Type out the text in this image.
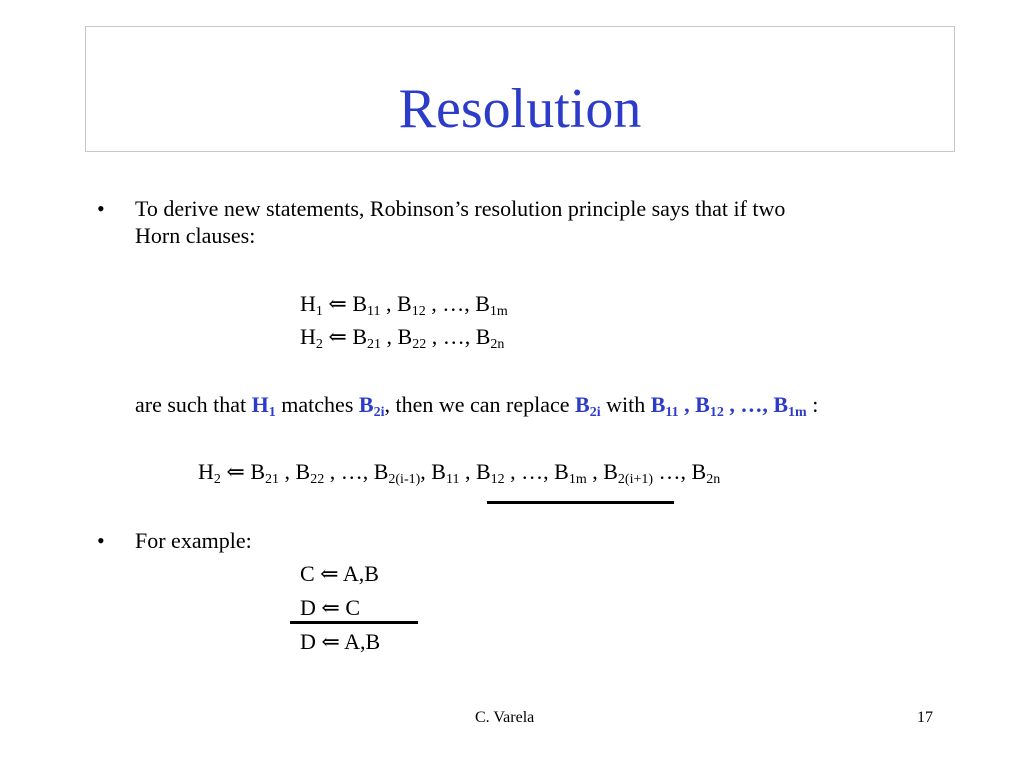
Resolution
• To derive new statements, Robinson’s resolution principle says that if two
Horn clauses:
$H_1$ ⇐ $B_{11}$ , $B_{12}$ , …, $B_{1m}$
$H_2$ ⇐ $B_{21}$ , $B_{22}$ , …, $B_{2n}$
are such that $H_1$ matches $B_{2i}$, then we can replace $B_{2i}$ with $B_{11}$ , $B_{12}$ , …, $B_{1m}$ :
$H_2$ ⇐ $B_{21}$ , $B_{22}$ , …, $B_{2(i-1)}$, $B_{11}$ , $B_{12}$ , …, $B_{1m}$ , $B_{2(i+1)}$ …, $B_{2n}$
• For example:
C ⇐ A,B
D ⇐ C
D ⇐ A,B
C. Varela	17
